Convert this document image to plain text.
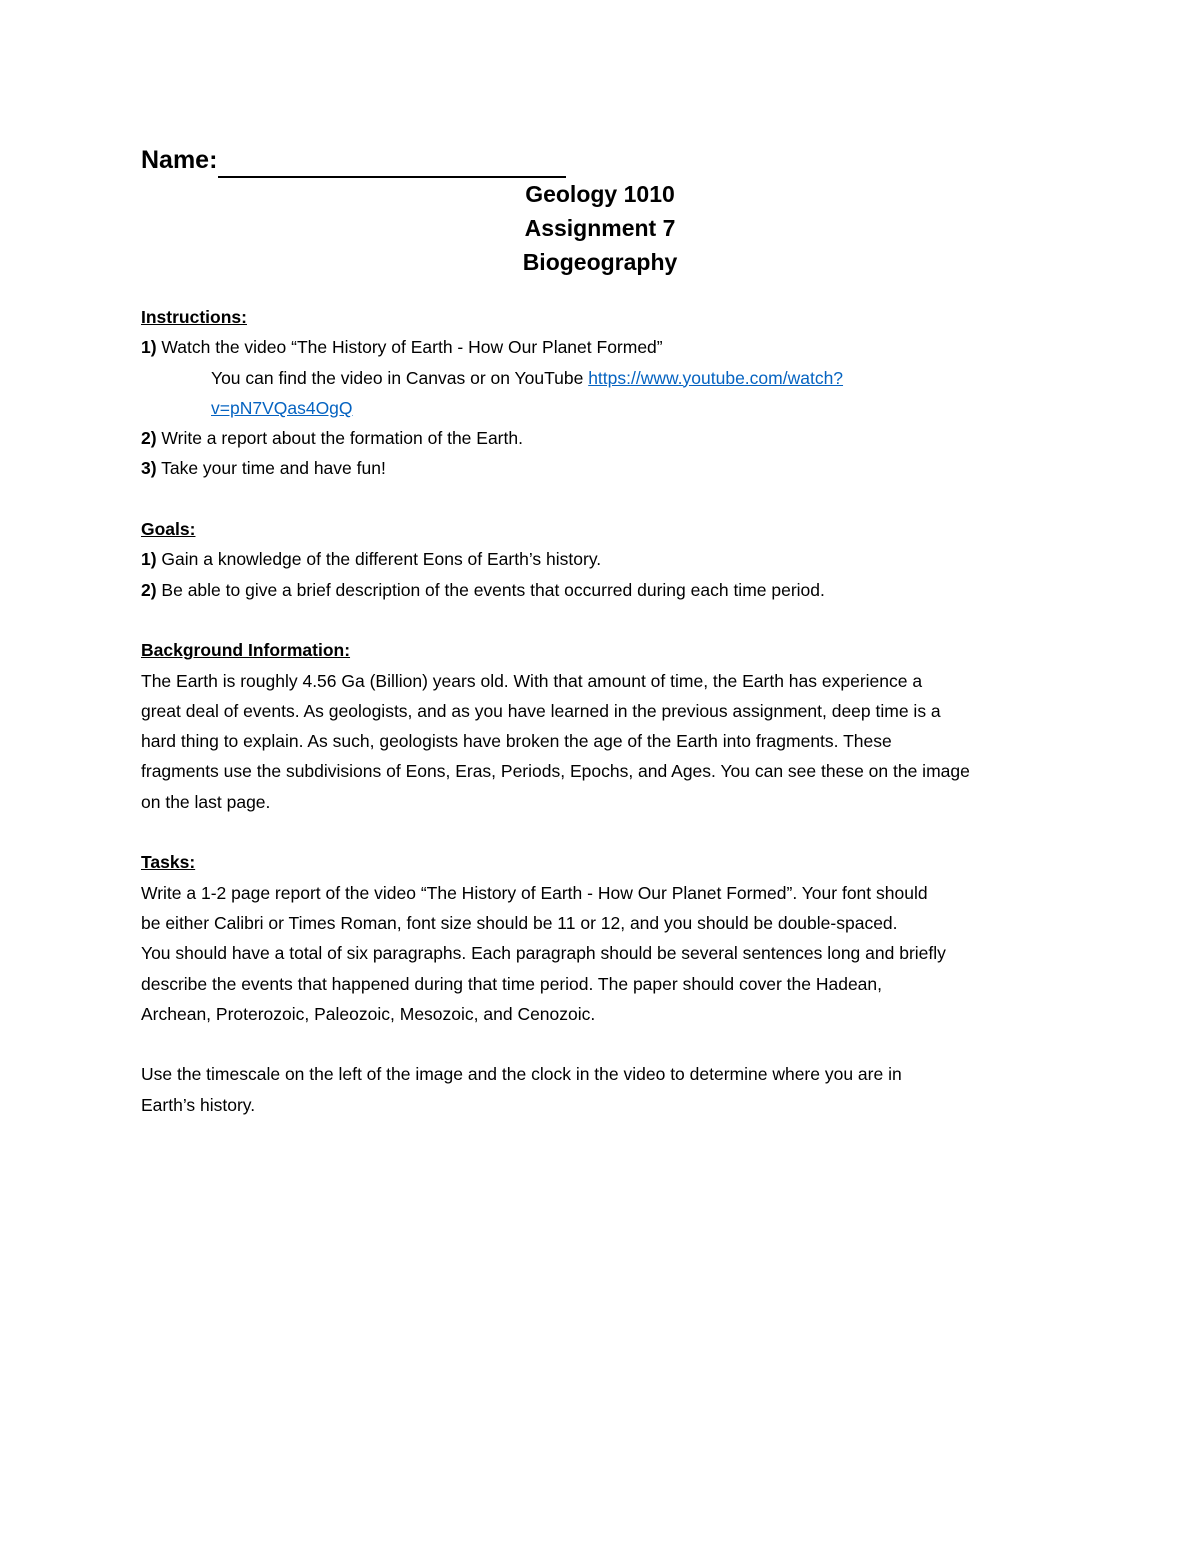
Name:
Geology 1010
Assignment 7
Biogeography
Instructions:
1) Watch the video “The History of Earth - How Our Planet Formed”
You can find the video in Canvas or on YouTube https://www.youtube.com/watch?
v=pN7VQas4OgQ
2) Write a report about the formation of the Earth.
3) Take your time and have fun!
Goals:
1) Gain a knowledge of the different Eons of Earth’s history.
2) Be able to give a brief description of the events that occurred during each time period.
Background Information:
The Earth is roughly 4.56 Ga (Billion) years old. With that amount of time, the Earth has experience a
great deal of events. As geologists, and as you have learned in the previous assignment, deep time is a
hard thing to explain. As such, geologists have broken the age of the Earth into fragments. These
fragments use the subdivisions of Eons, Eras, Periods, Epochs, and Ages. You can see these on the image
on the last page.
Tasks:
Write a 1-2 page report of the video “The History of Earth - How Our Planet Formed”. Your font should
be either Calibri or Times Roman, font size should be 11 or 12, and you should be double-spaced.
You should have a total of six paragraphs. Each paragraph should be several sentences long and briefly
describe the events that happened during that time period. The paper should cover the Hadean,
Archean, Proterozoic, Paleozoic, Mesozoic, and Cenozoic.
Use the timescale on the left of the image and the clock in the video to determine where you are in
Earth’s history.
